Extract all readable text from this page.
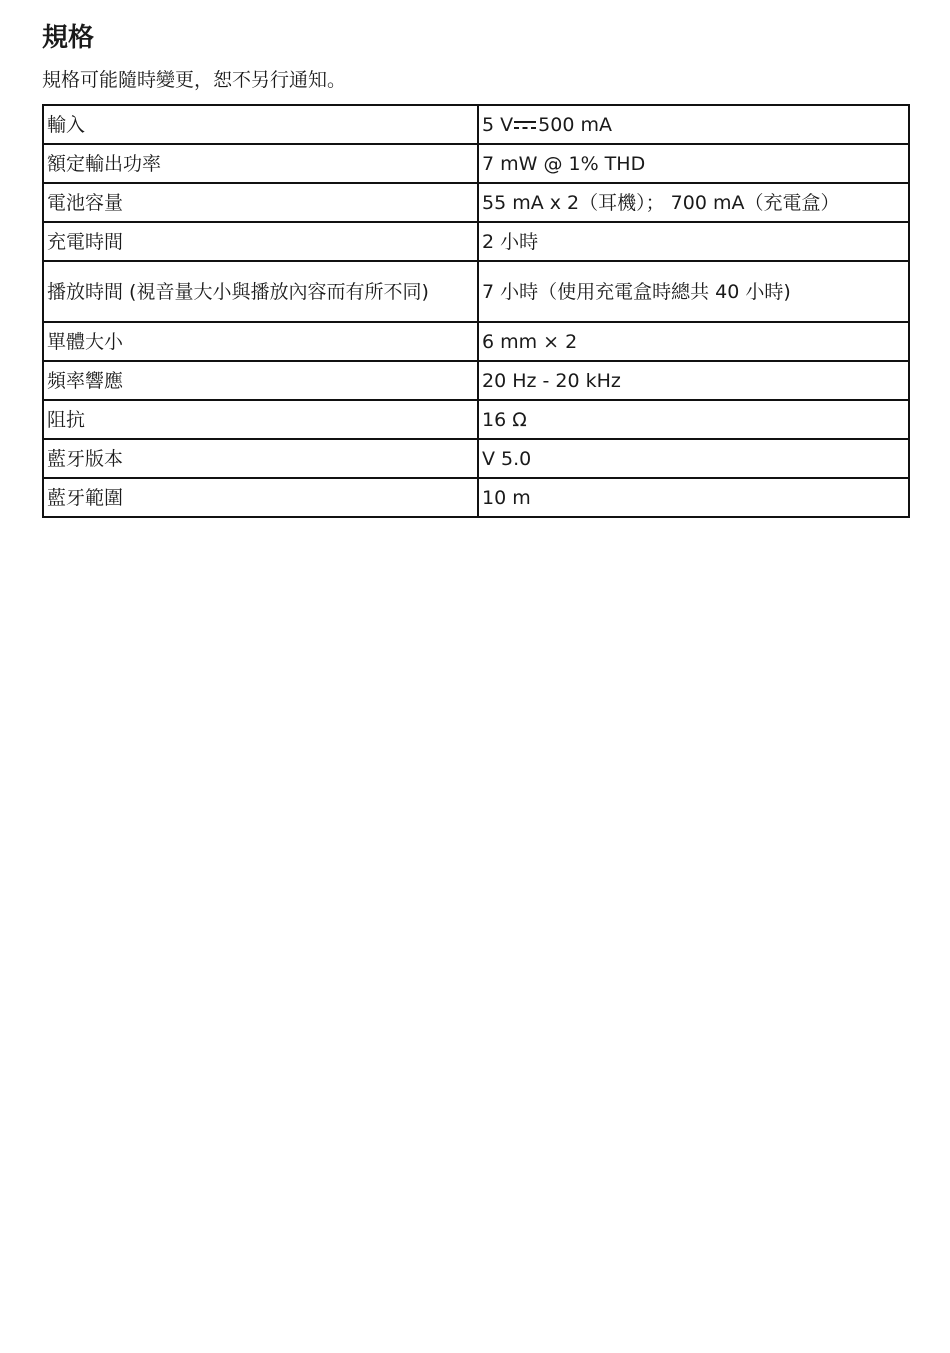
規格

規格可能隨時變更，恕不另行通知。

輸入	5 V 500 mA
額定輸出功率	7 mW @ 1% THD
電池容量	55 mA x 2（耳機）； 700 mA（充電盒）
充電時間	2 小時
播放時間 (視音量大小與播放內容而有所不同)	7 小時（使用充電盒時總共 40 小時)
單體大小	6 mm × 2
頻率響應	20 Hz - 20 kHz
阻抗	16 Ω
藍牙版本	V 5.0
藍牙範圍	10 m
